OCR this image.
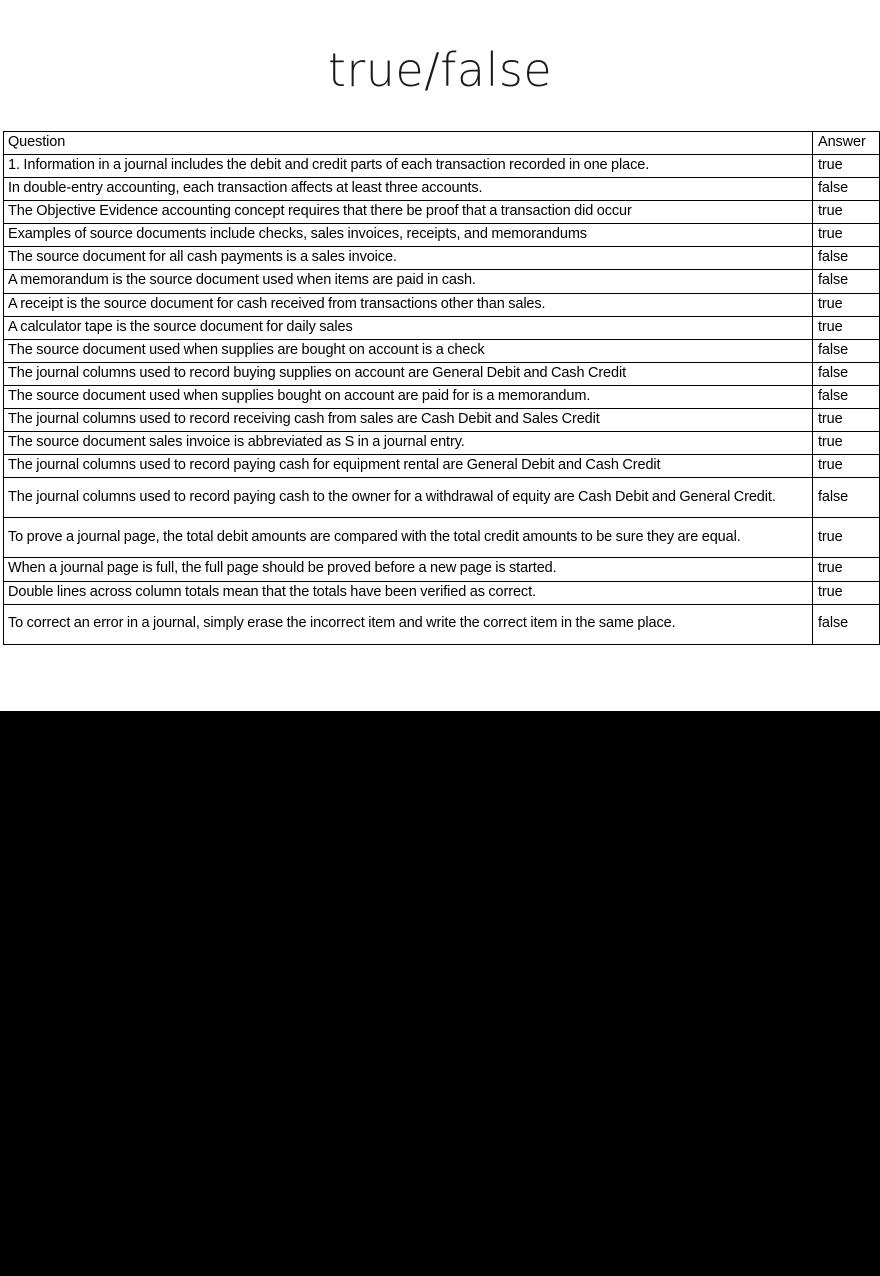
true/false
Question	Answer
1. Information in a journal includes the debit and credit parts of each transaction recorded in one place.	true
In double-entry accounting, each transaction affects at least three accounts.	false
The Objective Evidence accounting concept requires that there be proof that a transaction did occur	true
Examples of source documents include checks, sales invoices, receipts, and memorandums	true
The source document for all cash payments is a sales invoice.	false
A memorandum is the source document used when items are paid in cash.	false
A receipt is the source document for cash received from transactions other than sales.	true
A calculator tape is the source document for daily sales	true
The source document used when supplies are bought on account is a check	false
The journal columns used to record buying supplies on account are General Debit and Cash Credit	false
The source document used when supplies bought on account are paid for is a memorandum.	false
The journal columns used to record receiving cash from sales are Cash Debit and Sales Credit	true
The source document sales invoice is abbreviated as S in a journal entry.	true
The journal columns used to record paying cash for equipment rental are General Debit and Cash Credit	true
The journal columns used to record paying cash to the owner for a withdrawal of equity are Cash Debit and General Credit.	false
To prove a journal page, the total debit amounts are compared with the total credit amounts to be sure they are equal.	true
When a journal page is full, the full page should be proved before a new page is started.	true
Double lines across column totals mean that the totals have been verified as correct.	true
To correct an error in a journal, simply erase the incorrect item and write the correct item in the same place.	false
